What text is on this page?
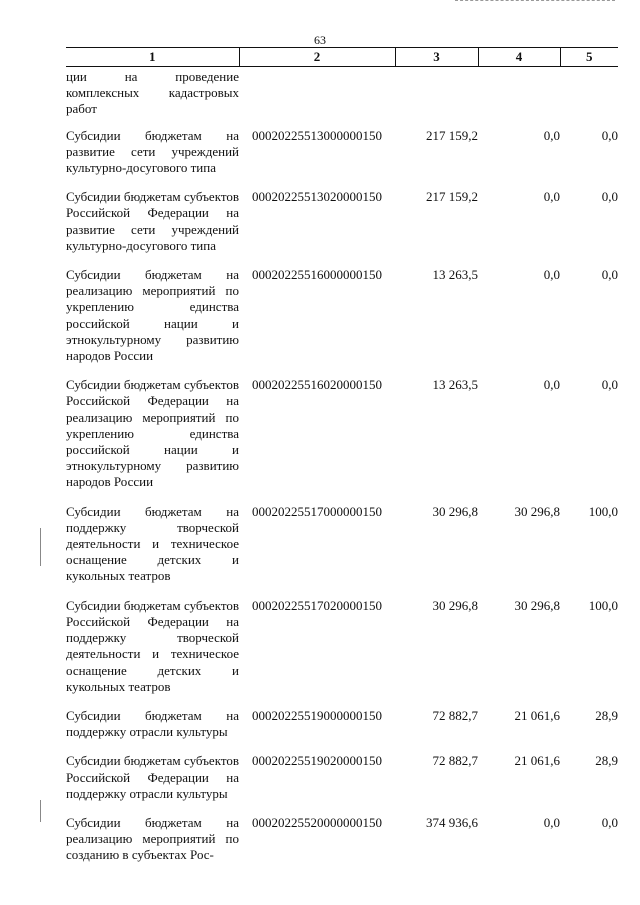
63
1	2	3	4	5

ции на проведение комплексных кадастровых работ				

Субсидии бюджетам на развитие сети учреждений культурно-досугового типа	00020225513000000150	217 159,2	0,0	0,0

Субсидии бюджетам субъектов Российской Федерации на развитие сети учреждений культурно-досугового типа	00020225513020000150	217 159,2	0,0	0,0

Субсидии бюджетам на реализацию мероприятий по укреплению единства российской нации и этнокультурному развитию народов России	00020225516000000150	13 263,5	0,0	0,0

Субсидии бюджетам субъектов Российской Федерации на реализацию мероприятий по укреплению единства российской нации и этнокультурному развитию народов России	00020225516020000150	13 263,5	0,0	0,0

Субсидии бюджетам на поддержку творческой деятельности и техническое оснащение детских и кукольных театров	00020225517000000150	30 296,8	30 296,8	100,0

Субсидии бюджетам субъектов Российской Федерации на поддержку творческой деятельности и техническое оснащение детских и кукольных театров	00020225517020000150	30 296,8	30 296,8	100,0

Субсидии бюджетам на поддержку отрасли культуры	00020225519000000150	72 882,7	21 061,6	28,9

Субсидии бюджетам субъектов Российской Федерации на поддержку отрасли культуры	00020225519020000150	72 882,7	21 061,6	28,9

Субсидии бюджетам на реализацию мероприятий по созданию в субъектах Рос-	00020225520000000150	374 936,6	0,0	0,0
